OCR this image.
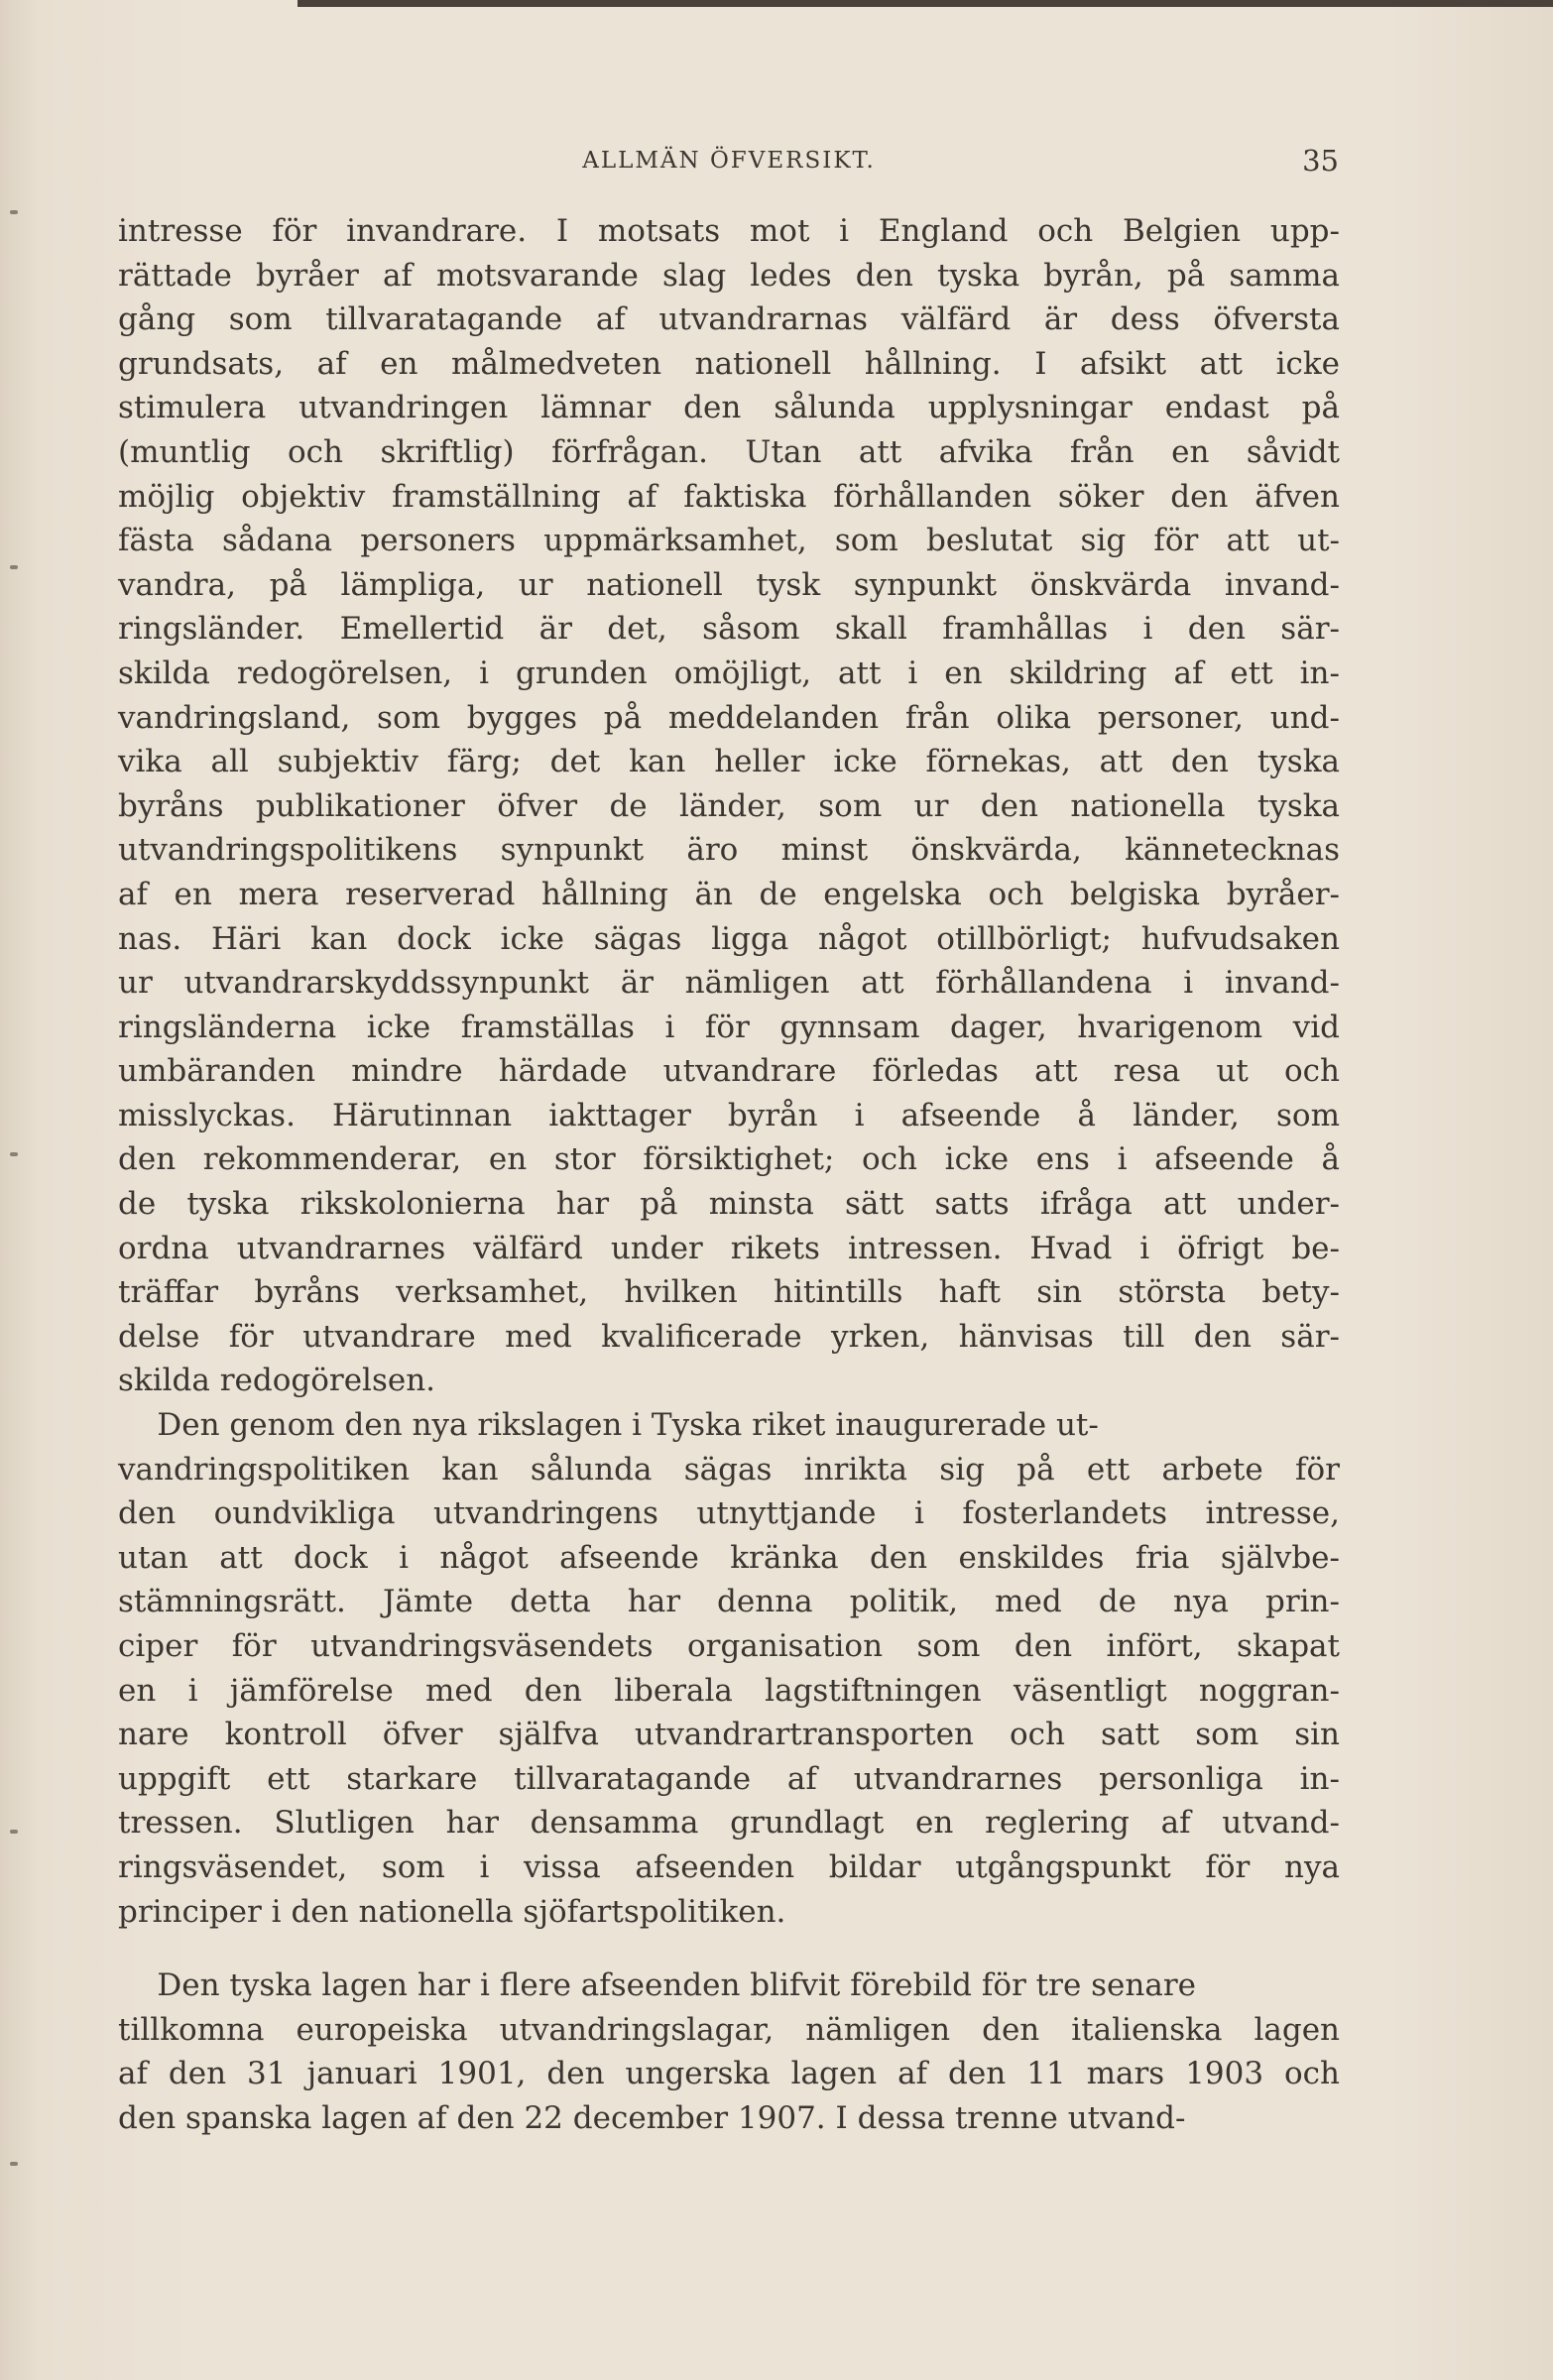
ALLMÄN ÖFVERSIKT.	35
intresse för invandrare. I motsats mot i England och Belgien upp-
rättade byråer af motsvarande slag ledes den tyska byrån, på samma
gång som tillvaratagande af utvandrarnas välfärd är dess öfversta
grundsats, af en målmedveten nationell hållning. I afsikt att icke
stimulera utvandringen lämnar den sålunda upplysningar endast på
(muntlig och skriftlig) förfrågan. Utan att afvika från en såvidt
möjlig objektiv framställning af faktiska förhållanden söker den äfven
fästa sådana personers uppmärksamhet, som beslutat sig för att ut-
vandra, på lämpliga, ur nationell tysk synpunkt önskvärda invand-
ringsländer. Emellertid är det, såsom skall framhållas i den sär-
skilda redogörelsen, i grunden omöjligt, att i en skildring af ett in-
vandringsland, som bygges på meddelanden från olika personer, und-
vika all subjektiv färg; det kan heller icke förnekas, att den tyska
byråns publikationer öfver de länder, som ur den nationella tyska
utvandringspolitikens synpunkt äro minst önskvärda, kännetecknas
af en mera reserverad hållning än de engelska och belgiska byråer-
nas. Häri kan dock icke sägas ligga något otillbörligt; hufvudsaken
ur utvandrarskyddssynpunkt är nämligen att förhållandena i invand-
ringsländerna icke framställas i för gynnsam dager, hvarigenom vid
umbäranden mindre härdade utvandrare förledas att resa ut och
misslyckas. Härutinnan iakttager byrån i afseende å länder, som
den rekommenderar, en stor försiktighet; och icke ens i afseende å
de tyska rikskolonierna har på minsta sätt satts ifråga att under-
ordna utvandrarnes välfärd under rikets intressen. Hvad i öfrigt be-
träffar byråns verksamhet, hvilken hitintills haft sin största bety-
delse för utvandrare med kvalificerade yrken, hänvisas till den sär-
skilda redogörelsen.
Den genom den nya rikslagen i Tyska riket inaugurerade ut-
vandringspolitiken kan sålunda sägas inrikta sig på ett arbete för
den oundvikliga utvandringens utnyttjande i fosterlandets intresse,
utan att dock i något afseende kränka den enskildes fria självbe-
stämningsrätt. Jämte detta har denna politik, med de nya prin-
ciper för utvandringsväsendets organisation som den infört, skapat
en i jämförelse med den liberala lagstiftningen väsentligt noggran-
nare kontroll öfver själfva utvandrartransporten och satt som sin
uppgift ett starkare tillvaratagande af utvandrarnes personliga in-
tressen. Slutligen har densamma grundlagt en reglering af utvand-
ringsväsendet, som i vissa afseenden bildar utgångspunkt för nya
principer i den nationella sjöfartspolitiken.
Den tyska lagen har i flere afseenden blifvit förebild för tre senare
tillkomna europeiska utvandringslagar, nämligen den italienska lagen
af den 31 januari 1901, den ungerska lagen af den 11 mars 1903 och
den spanska lagen af den 22 december 1907. I dessa trenne utvand-
